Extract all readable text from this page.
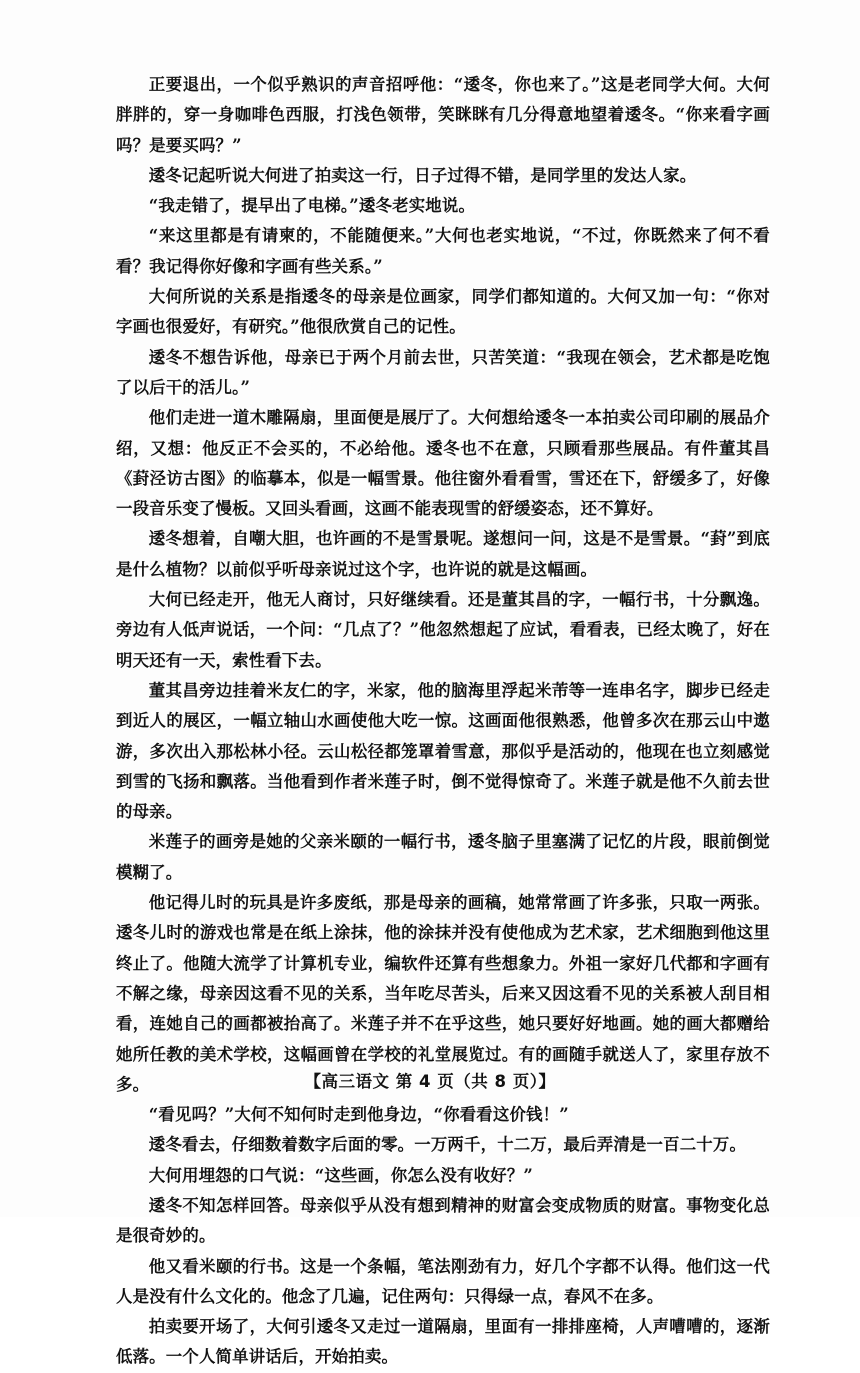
正要退出，一个似乎熟识的声音招呼他：“逶冬，你也来了。”这是老同学大何。大何胖胖的，穿一身咖啡色西服，打浅色领带，笑眯眯有几分得意地望着逶冬。“你来看字画吗？是要买吗？”

逶冬记起听说大何进了拍卖这一行，日子过得不错，是同学里的发达人家。

“我走错了，提早出了电梯。”逶冬老实地说。

“来这里都是有请柬的，不能随便来。”大何也老实地说，“不过，你既然来了何不看看？我记得你好像和字画有些关系。”

大何所说的关系是指逶冬的母亲是位画家，同学们都知道的。大何又加一句：“你对字画也很爱好，有研究。”他很欣赏自己的记性。

逶冬不想告诉他，母亲已于两个月前去世，只苦笑道：“我现在领会，艺术都是吃饱了以后干的活儿。”

他们走进一道木雕隔扇，里面便是展厅了。大何想给逶冬一本拍卖公司印刷的展品介绍，又想：他反正不会买的，不必给他。逶冬也不在意，只顾看那些展品。有件董其昌《葑泾访古图》的临摹本，似是一幅雪景。他往窗外看看雪，雪还在下，舒缓多了，好像一段音乐变了慢板。又回头看画，这画不能表现雪的舒缓姿态，还不算好。

逶冬想着，自嘲大胆，也许画的不是雪景呢。遂想问一问，这是不是雪景。“葑”到底是什么植物？以前似乎听母亲说过这个字，也许说的就是这幅画。

大何已经走开，他无人商讨，只好继续看。还是董其昌的字，一幅行书，十分飘逸。旁边有人低声说话，一个问：“几点了？”他忽然想起了应试，看看表，已经太晚了，好在明天还有一天，索性看下去。

董其昌旁边挂着米友仁的字，米家，他的脑海里浮起米芾等一连串名字，脚步已经走到近人的展区，一幅立轴山水画使他大吃一惊。这画面他很熟悉，他曾多次在那云山中遨游，多次出入那松林小径。云山松径都笼罩着雪意，那似乎是活动的，他现在也立刻感觉到雪的飞扬和飘落。当他看到作者米莲子时，倒不觉得惊奇了。米莲子就是他不久前去世的母亲。

米莲子的画旁是她的父亲米颐的一幅行书，逶冬脑子里塞满了记忆的片段，眼前倒觉模糊了。

他记得儿时的玩具是许多废纸，那是母亲的画稿，她常常画了许多张，只取一两张。逶冬儿时的游戏也常是在纸上涂抹，他的涂抹并没有使他成为艺术家，艺术细胞到他这里终止了。他随大流学了计算机专业，编软件还算有些想象力。外祖一家好几代都和字画有不解之缘，母亲因这看不见的关系，当年吃尽苦头，后来又因这看不见的关系被人刮目相看，连她自己的画都被抬高了。米莲子并不在乎这些，她只要好好地画。她的画大都赠给她所任教的美术学校，这幅画曾在学校的礼堂展览过。有的画随手就送人了，家里存放不多。

“看见吗？”大何不知何时走到他身边，“你看看这价钱！”

逶冬看去，仔细数着数字后面的零。一万两千，十二万，最后弄清是一百二十万。

大何用埋怨的口气说：“这些画，你怎么没有收好？”

逶冬不知怎样回答。母亲似乎从没有想到精神的财富会变成物质的财富。事物变化总是很奇妙的。

他又看米颐的行书。这是一个条幅，笔法刚劲有力，好几个字都不认得。他们这一代人是没有什么文化的。他念了几遍，记住两句：只得绿一点，春风不在多。

拍卖要开场了，大何引逶冬又走过一道隔扇，里面有一排排座椅，人声嘈嘈的，逐渐低落。一个人简单讲话后，开始拍卖。

【高三语文 第 4 页（共 8 页）】
